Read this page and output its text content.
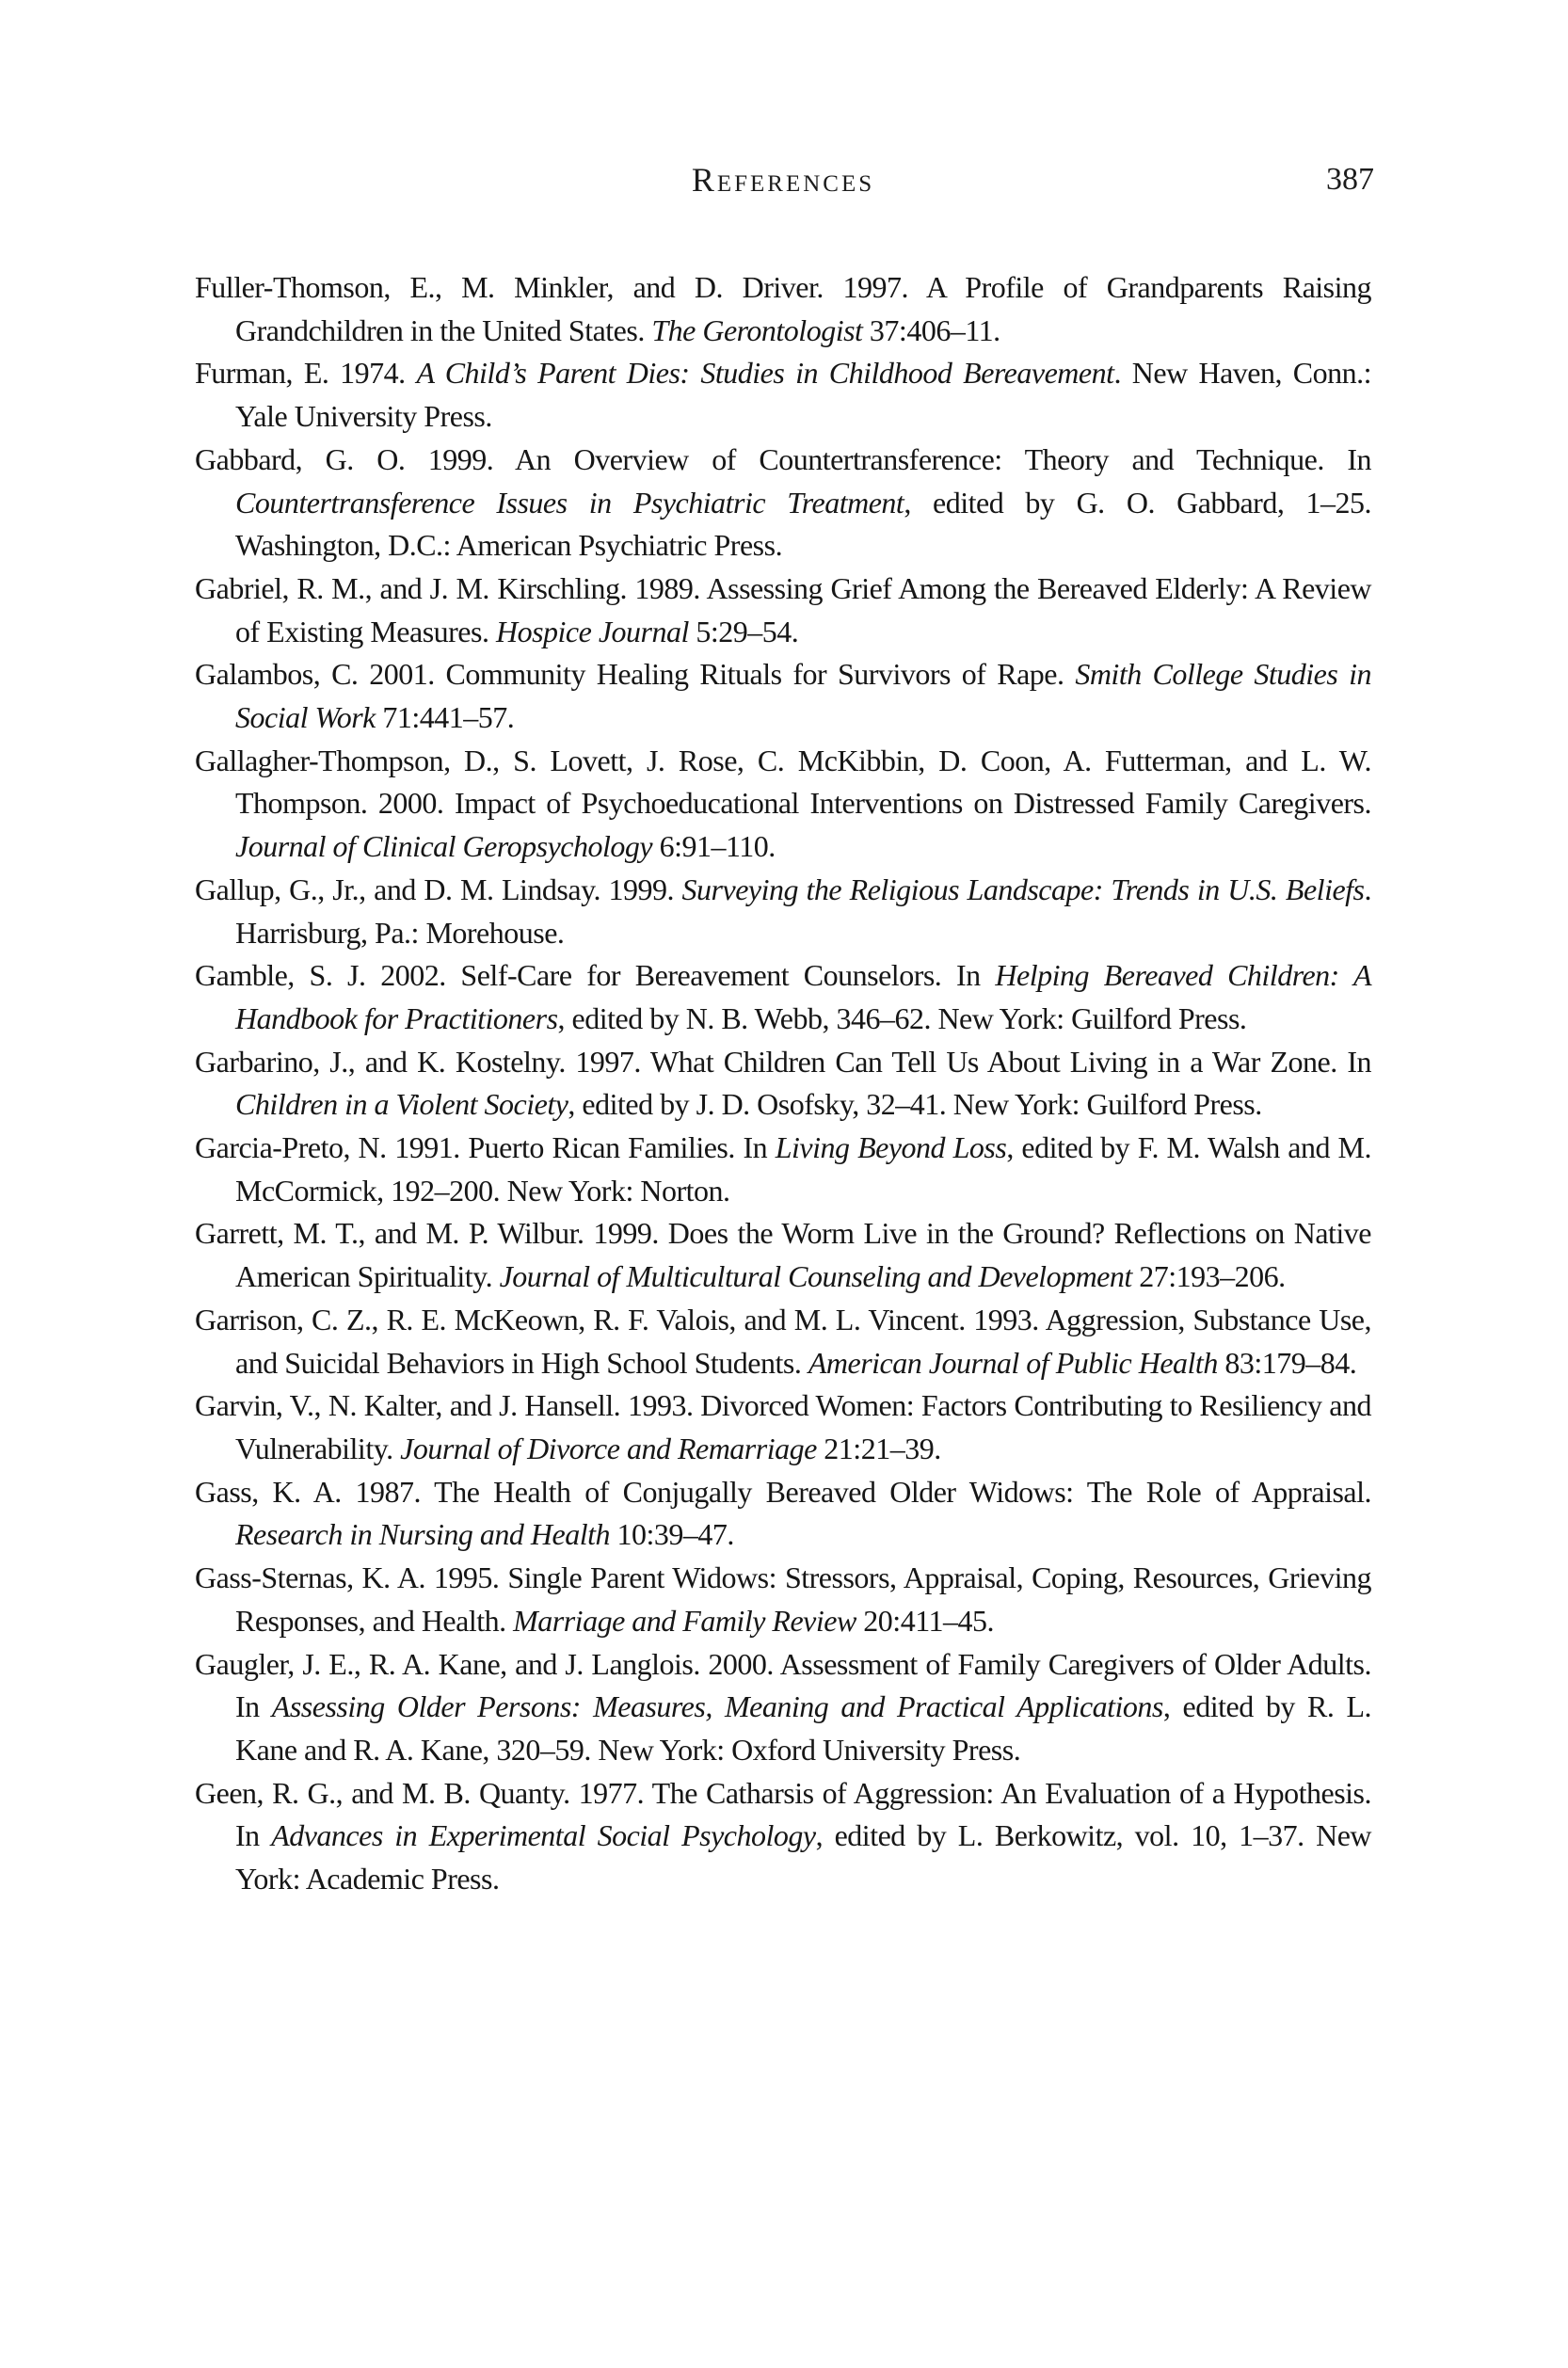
References	387

Fuller-Thomson, E., M. Minkler, and D. Driver. 1997. A Profile of Grandparents Raising Grandchildren in the United States. The Gerontologist 37:406–11.

Furman, E. 1974. A Child’s Parent Dies: Studies in Childhood Bereavement. New Haven, Conn.: Yale University Press.

Gabbard, G. O. 1999. An Overview of Countertransference: Theory and Technique. In Countertransference Issues in Psychiatric Treatment, edited by G. O. Gabbard, 1–25. Washington, D.C.: American Psychiatric Press.

Gabriel, R. M., and J. M. Kirschling. 1989. Assessing Grief Among the Bereaved Elderly: A Review of Existing Measures. Hospice Journal 5:29–54.

Galambos, C. 2001. Community Healing Rituals for Survivors of Rape. Smith College Studies in Social Work 71:441–57.

Gallagher-Thompson, D., S. Lovett, J. Rose, C. McKibbin, D. Coon, A. Futterman, and L. W. Thompson. 2000. Impact of Psychoeducational Interventions on Distressed Family Caregivers. Journal of Clinical Geropsychology 6:91–110.

Gallup, G., Jr., and D. M. Lindsay. 1999. Surveying the Religious Landscape: Trends in U.S. Beliefs. Harrisburg, Pa.: Morehouse.

Gamble, S. J. 2002. Self-Care for Bereavement Counselors. In Helping Bereaved Children: A Handbook for Practitioners, edited by N. B. Webb, 346–62. New York: Guilford Press.

Garbarino, J., and K. Kostelny. 1997. What Children Can Tell Us About Living in a War Zone. In Children in a Violent Society, edited by J. D. Osofsky, 32–41. New York: Guilford Press.

Garcia-Preto, N. 1991. Puerto Rican Families. In Living Beyond Loss, edited by F. M. Walsh and M. McCormick, 192–200. New York: Norton.

Garrett, M. T., and M. P. Wilbur. 1999. Does the Worm Live in the Ground? Reflections on Native American Spirituality. Journal of Multicultural Counseling and Development 27:193–206.

Garrison, C. Z., R. E. McKeown, R. F. Valois, and M. L. Vincent. 1993. Aggression, Substance Use, and Suicidal Behaviors in High School Students. American Journal of Public Health 83:179–84.

Garvin, V., N. Kalter, and J. Hansell. 1993. Divorced Women: Factors Contributing to Resiliency and Vulnerability. Journal of Divorce and Remarriage 21:21–39.

Gass, K. A. 1987. The Health of Conjugally Bereaved Older Widows: The Role of Appraisal. Research in Nursing and Health 10:39–47.

Gass-Sternas, K. A. 1995. Single Parent Widows: Stressors, Appraisal, Coping, Resources, Grieving Responses, and Health. Marriage and Family Review 20:411–45.

Gaugler, J. E., R. A. Kane, and J. Langlois. 2000. Assessment of Family Caregivers of Older Adults. In Assessing Older Persons: Measures, Meaning and Practical Applications, edited by R. L. Kane and R. A. Kane, 320–59. New York: Oxford University Press.

Geen, R. G., and M. B. Quanty. 1977. The Catharsis of Aggression: An Evaluation of a Hypothesis. In Advances in Experimental Social Psychology, edited by L. Berkowitz, vol. 10, 1–37. New York: Academic Press.
